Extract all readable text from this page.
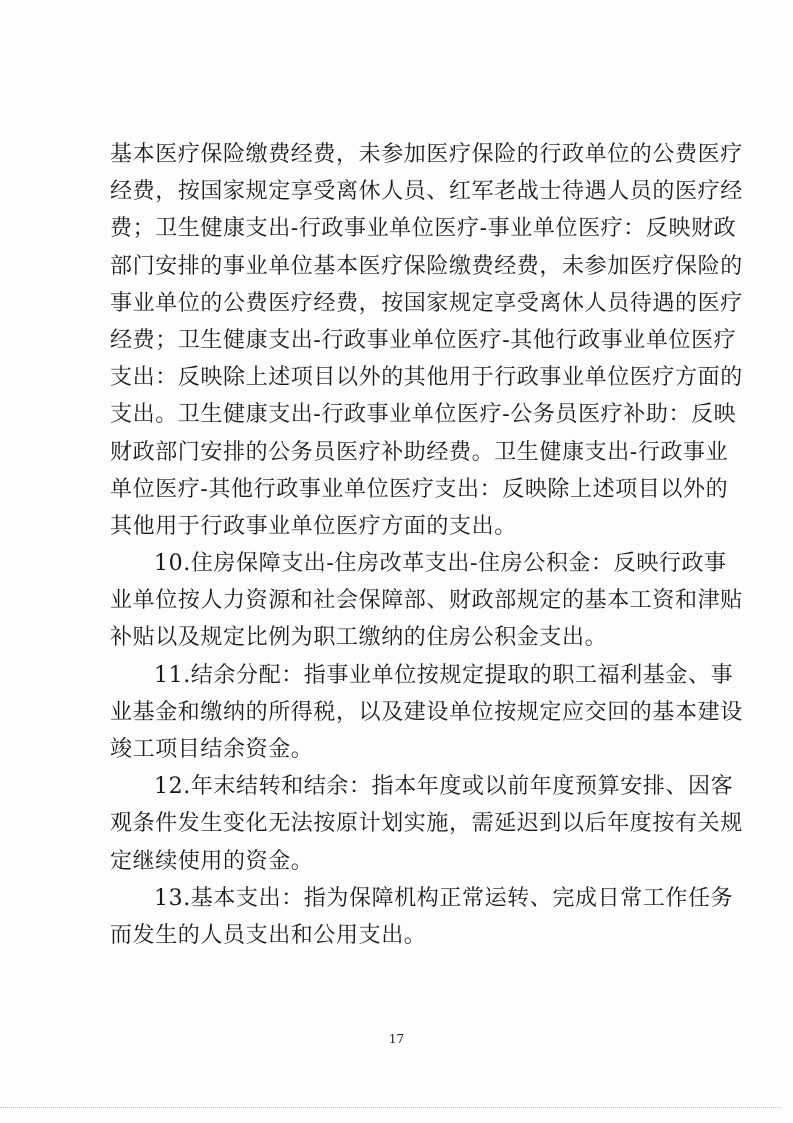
基本医疗保险缴费经费，未参加医疗保险的行政单位的公费医疗
经费，按国家规定享受离休人员、红军老战士待遇人员的医疗经
费；卫生健康支出-行政事业单位医疗-事业单位医疗：反映财政
部门安排的事业单位基本医疗保险缴费经费，未参加医疗保险的
事业单位的公费医疗经费，按国家规定享受离休人员待遇的医疗
经费；卫生健康支出-行政事业单位医疗-其他行政事业单位医疗
支出：反映除上述项目以外的其他用于行政事业单位医疗方面的
支出。卫生健康支出-行政事业单位医疗-公务员医疗补助：反映
财政部门安排的公务员医疗补助经费。卫生健康支出-行政事业
单位医疗-其他行政事业单位医疗支出：反映除上述项目以外的
其他用于行政事业单位医疗方面的支出。
10.住房保障支出-住房改革支出-住房公积金：反映行政事
业单位按人力资源和社会保障部、财政部规定的基本工资和津贴
补贴以及规定比例为职工缴纳的住房公积金支出。
11.结余分配：指事业单位按规定提取的职工福利基金、事
业基金和缴纳的所得税，以及建设单位按规定应交回的基本建设
竣工项目结余资金。
12.年末结转和结余：指本年度或以前年度预算安排、因客
观条件发生变化无法按原计划实施，需延迟到以后年度按有关规
定继续使用的资金。
13.基本支出：指为保障机构正常运转、完成日常工作任务
而发生的人员支出和公用支出。
17
